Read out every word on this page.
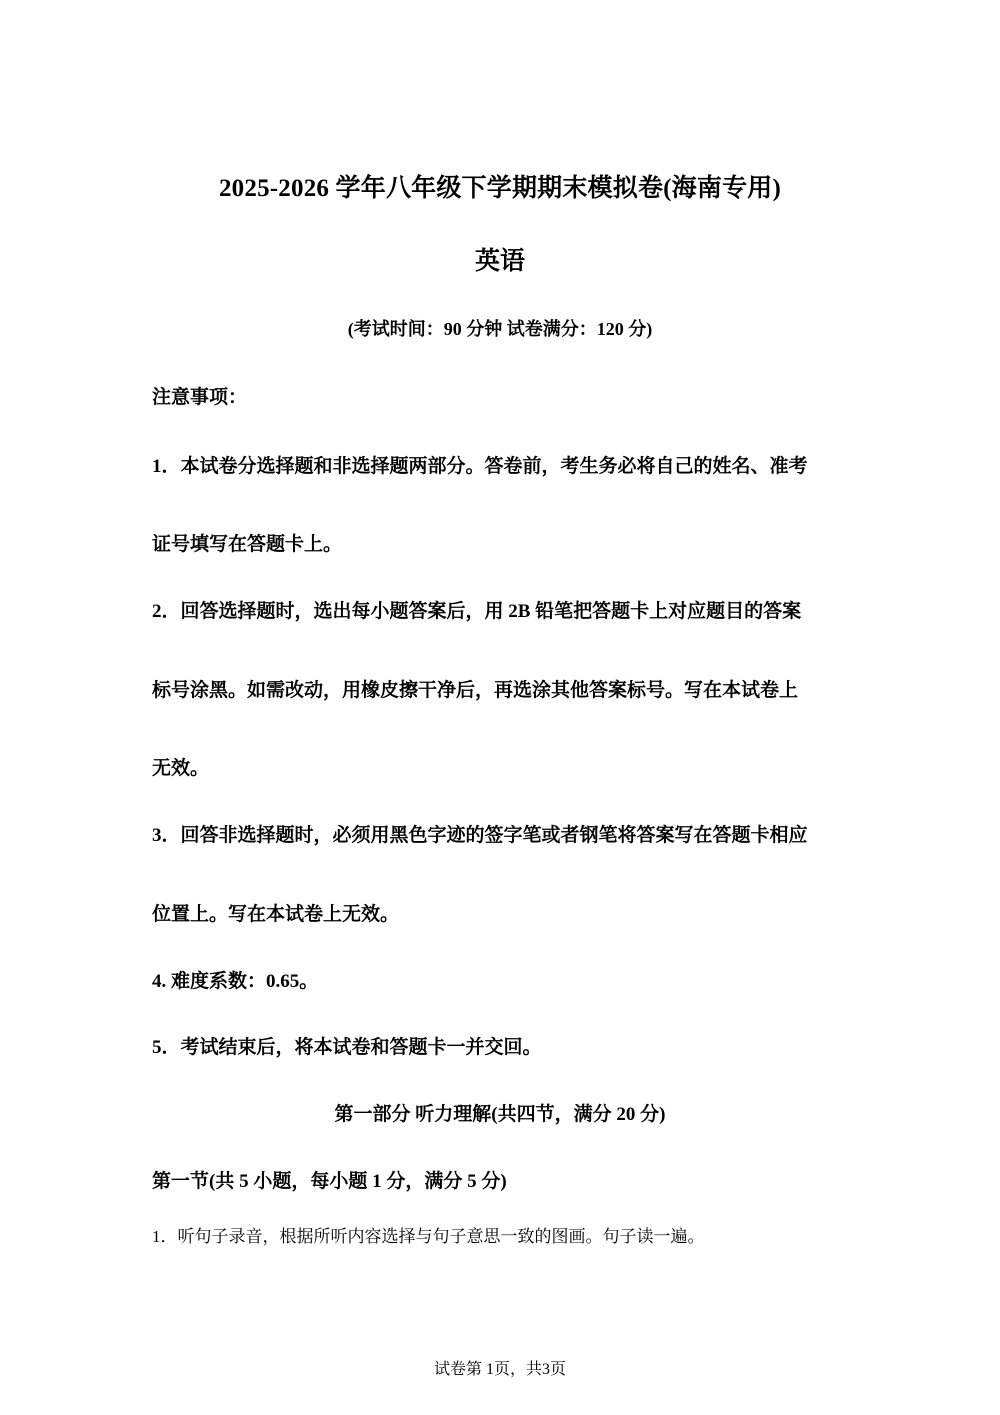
2025-2026 学年八年级下学期期末模拟卷(海南专用)
英语
(考试时间：90 分钟 试卷满分：120 分)
注意事项：
1．本试卷分选择题和非选择题两部分。答卷前，考生务必将自己的姓名、准考
证号填写在答题卡上。
2．回答选择题时，选出每小题答案后，用 2B 铅笔把答题卡上对应题目的答案
标号涂黑。如需改动，用橡皮擦干净后，再选涂其他答案标号。写在本试卷上
无效。
3．回答非选择题时，必须用黑色字迹的签字笔或者钢笔将答案写在答题卡相应
位置上。写在本试卷上无效。
4. 难度系数：0.65。
5．考试结束后，将本试卷和答题卡一并交回。
第一部分 听力理解(共四节，满分 20 分)
第一节(共 5 小题，每小题 1 分，满分 5 分)
1．听句子录音，根据所听内容选择与句子意思一致的图画。句子读一遍。
试卷第 1页，共3页
